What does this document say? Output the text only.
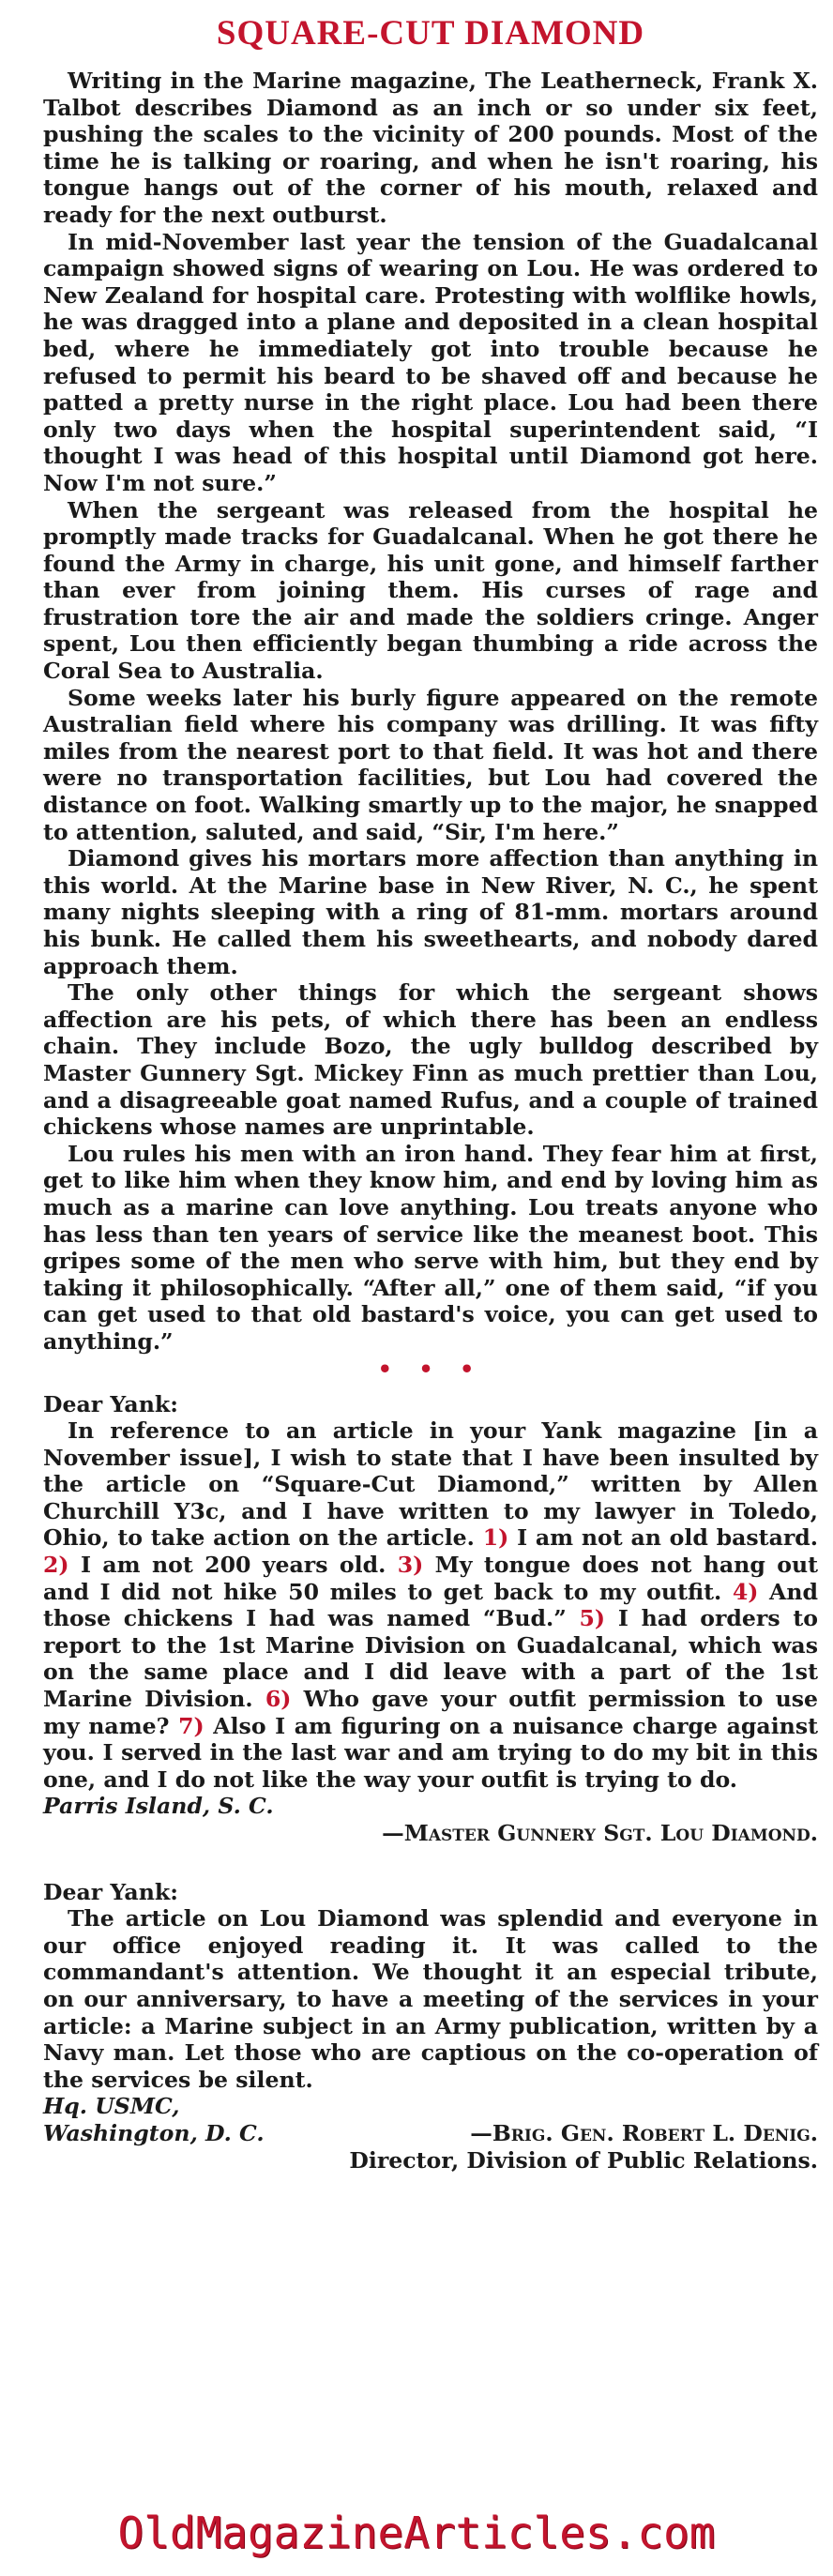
SQUARE-CUT DIAMOND

Writing in the Marine magazine, The Leatherneck, Frank X. Talbot describes Diamond as an inch or so under six feet, pushing the scales to the vicinity of 200 pounds. Most of the time he is talking or roaring, and when he isn't roaring, his tongue hangs out of the corner of his mouth, relaxed and ready for the next outburst.

In mid-November last year the tension of the Guadalcanal campaign showed signs of wearing on Lou. He was ordered to New Zealand for hospital care. Protesting with wolflike howls, he was dragged into a plane and deposited in a clean hospital bed, where he immediately got into trouble because he refused to permit his beard to be shaved off and because he patted a pretty nurse in the right place. Lou had been there only two days when the hospital superintendent said, “I thought I was head of this hospital until Diamond got here. Now I'm not sure.”

When the sergeant was released from the hospital he promptly made tracks for Guadalcanal. When he got there he found the Army in charge, his unit gone, and himself farther than ever from joining them. His curses of rage and frustration tore the air and made the soldiers cringe. Anger spent, Lou then efficiently began thumbing a ride across the Coral Sea to Australia.

Some weeks later his burly figure appeared on the remote Australian field where his company was drilling. It was fifty miles from the nearest port to that field. It was hot and there were no transportation facilities, but Lou had covered the distance on foot. Walking smartly up to the major, he snapped to attention, saluted, and said, “Sir, I'm here.”

Diamond gives his mortars more affection than anything in this world. At the Marine base in New River, N. C., he spent many nights sleeping with a ring of 81-mm. mortars around his bunk. He called them his sweethearts, and nobody dared approach them.

The only other things for which the sergeant shows affection are his pets, of which there has been an endless chain. They include Bozo, the ugly bulldog described by Master Gunnery Sgt. Mickey Finn as much prettier than Lou, and a disagreeable goat named Rufus, and a couple of trained chickens whose names are unprintable.

Lou rules his men with an iron hand. They fear him at first, get to like him when they know him, and end by loving him as much as a marine can love anything. Lou treats anyone who has less than ten years of service like the meanest boot. This gripes some of the men who serve with him, but they end by taking it philosophically. “After all,” one of them said, “if you can get used to that old bastard's voice, you can get used to anything.”

• • •

Dear Yank:

In reference to an article in your Yank magazine [in a November issue], I wish to state that I have been insulted by the article on “Square-Cut Diamond,” written by Allen Churchill Y3c, and I have written to my lawyer in Toledo, Ohio, to take action on the article. 1) I am not an old bastard. 2) I am not 200 years old. 3) My tongue does not hang out and I did not hike 50 miles to get back to my outfit. 4) And those chickens I had was named “Bud.” 5) I had orders to report to the 1st Marine Division on Guadalcanal, which was on the same place and I did leave with a part of the 1st Marine Division. 6) Who gave your outfit permission to use my name? 7) Also I am figuring on a nuisance charge against you. I served in the last war and am trying to do my bit in this one, and I do not like the way your outfit is trying to do.

Parris Island, S. C.

—Master Gunnery Sgt. Lou Diamond.

Dear Yank:

The article on Lou Diamond was splendid and everyone in our office enjoyed reading it. It was called to the commandant's attention. We thought it an especial tribute, on our anniversary, to have a meeting of the services in your article: a Marine subject in an Army publication, written by a Navy man. Let those who are captious on the co-operation of the services be silent.

Hq. USMC,

Washington, D. C.	—Brig. Gen. Robert L. Denig.

Director, Division of Public Relations.

OldMagazineArticles.com
